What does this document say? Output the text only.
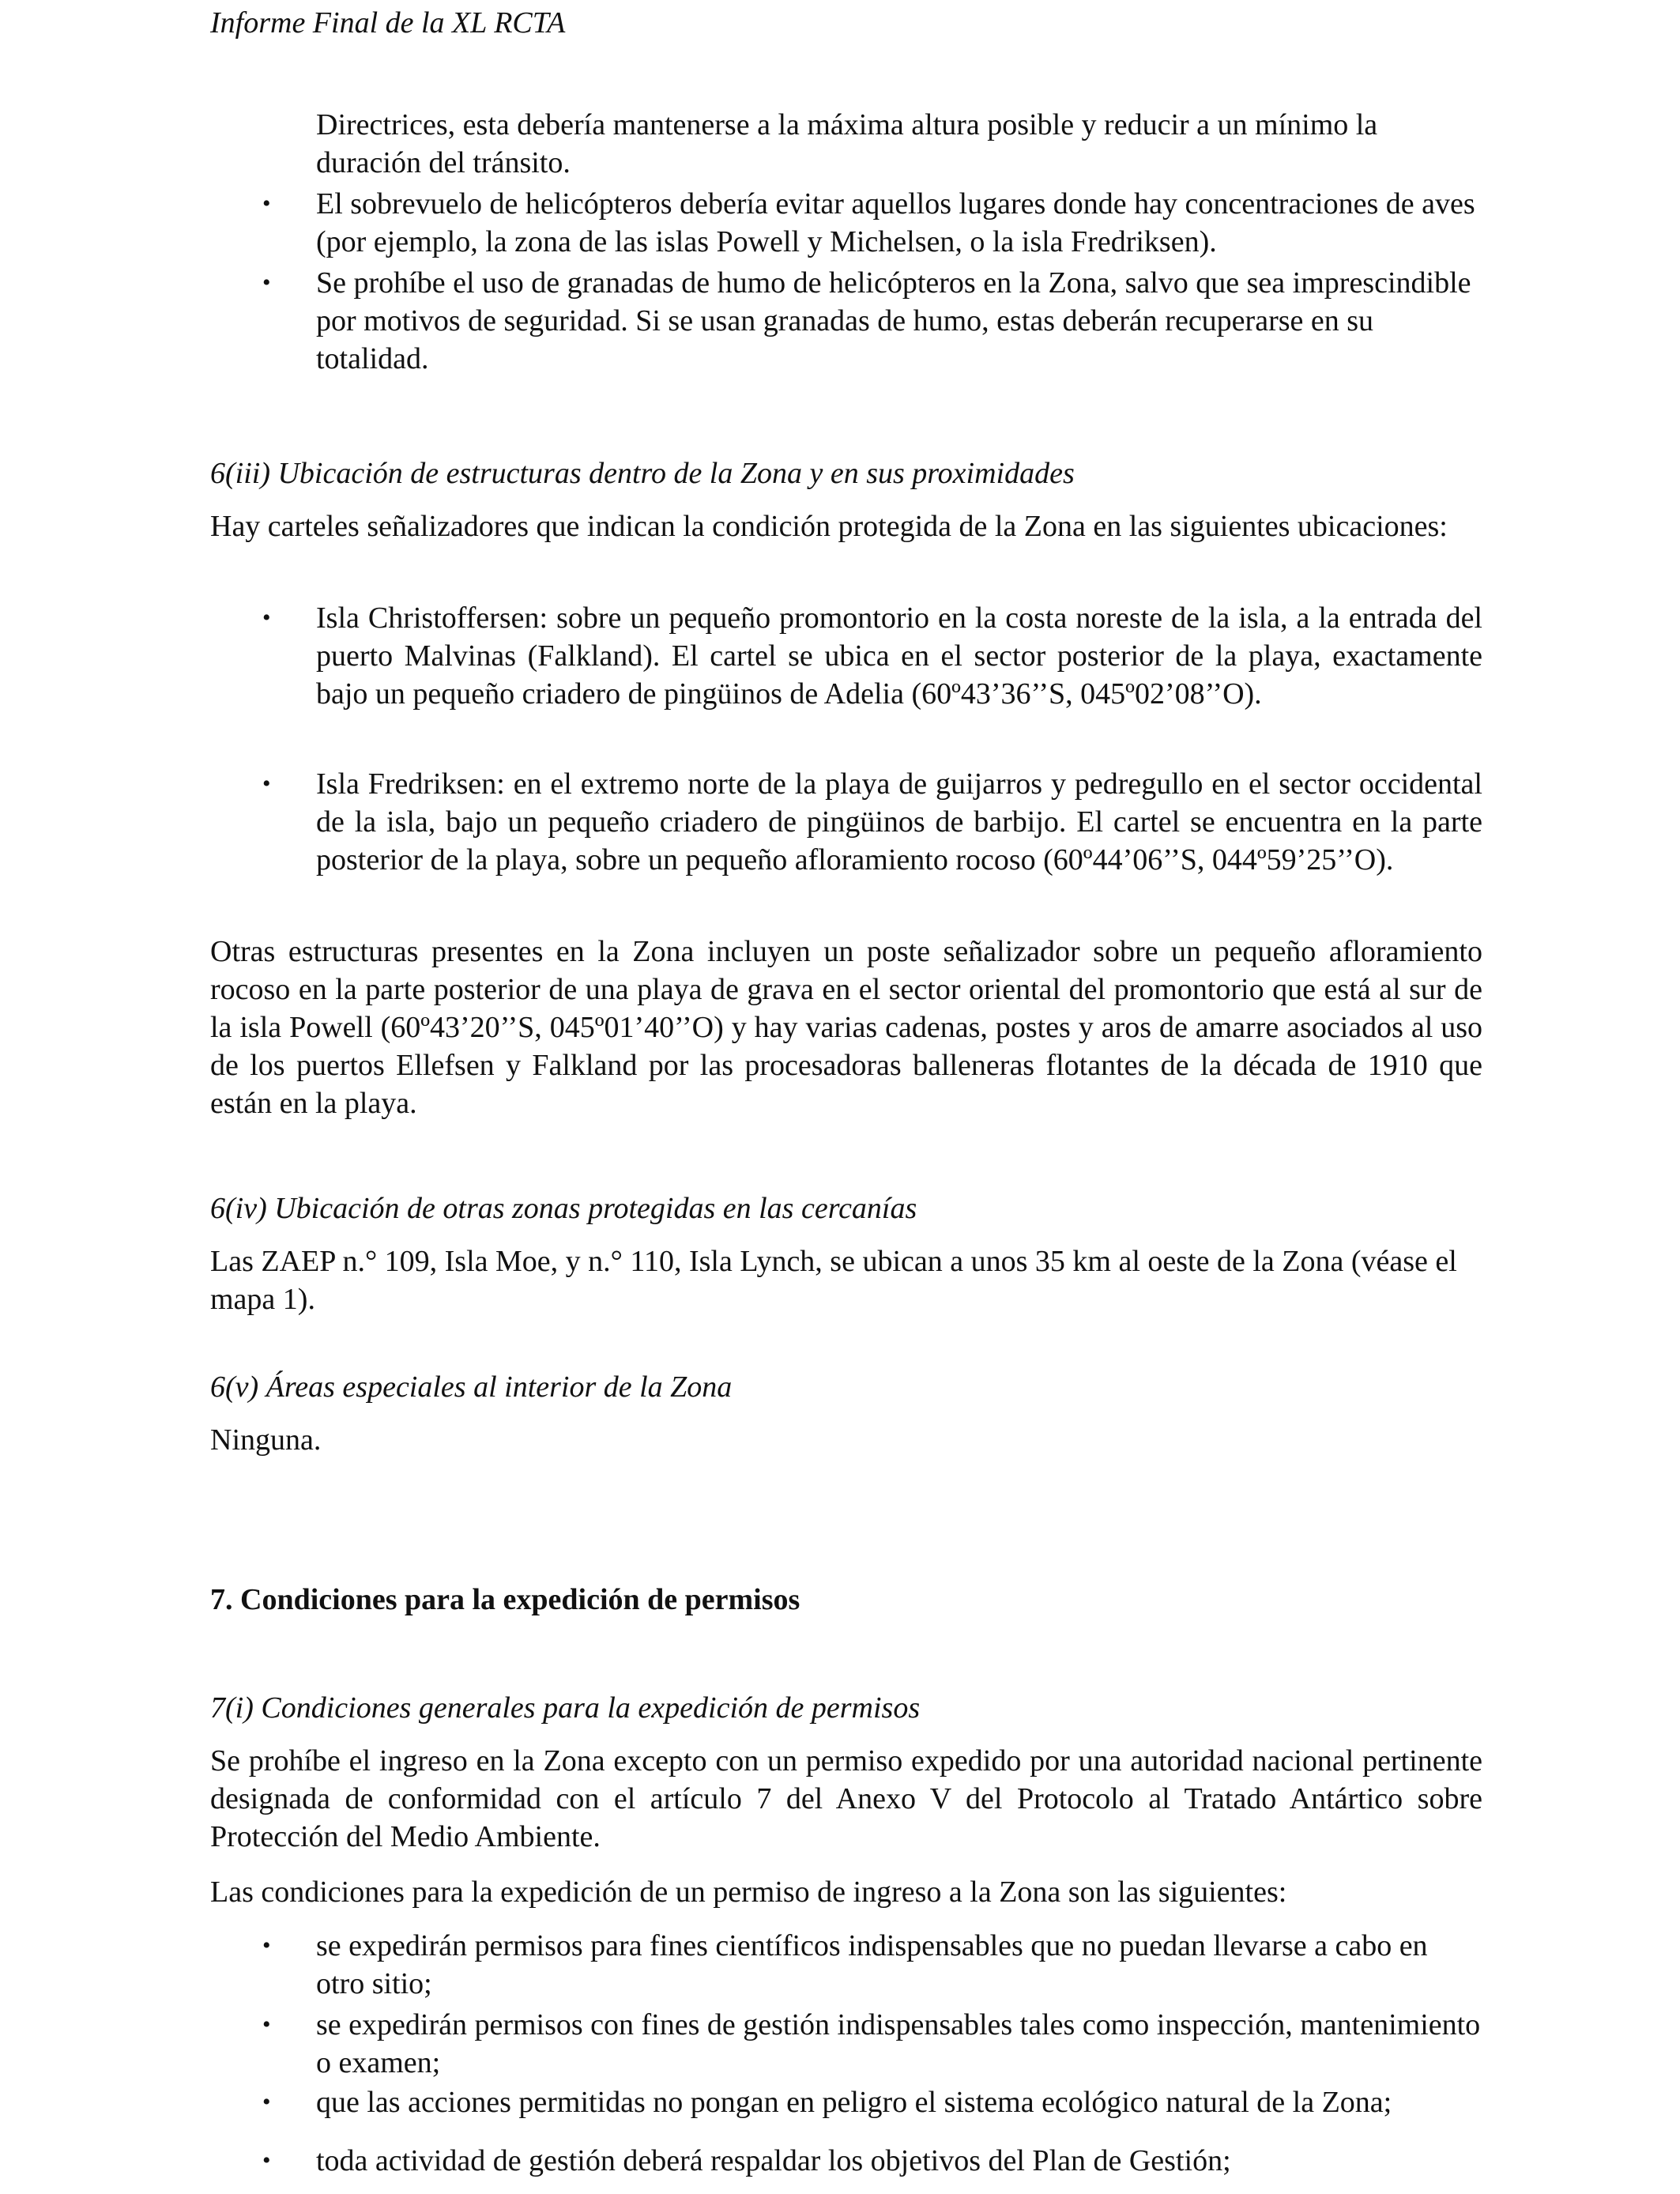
Informe Final de la XL RCTA
Directrices, esta debería mantenerse a la máxima altura posible y reducir a un mínimo la duración del tránsito.
• El sobrevuelo de helicópteros debería evitar aquellos lugares donde hay concentraciones de aves (por ejemplo, la zona de las islas Powell y Michelsen, o la isla Fredriksen).
• Se prohíbe el uso de granadas de humo de helicópteros en la Zona, salvo que sea imprescindible por motivos de seguridad. Si se usan granadas de humo, estas deberán recuperarse en su totalidad.
6(iii) Ubicación de estructuras dentro de la Zona y en sus proximidades
Hay carteles señalizadores que indican la condición protegida de la Zona en las siguientes ubicaciones:
• Isla Christoffersen: sobre un pequeño promontorio en la costa noreste de la isla, a la entrada del puerto Malvinas (Falkland). El cartel se ubica en el sector posterior de la playa, exactamente bajo un pequeño criadero de pingüinos de Adelia (60º43’36’’S, 045º02’08’’O).
• Isla Fredriksen: en el extremo norte de la playa de guijarros y pedregullo en el sector occidental de la isla, bajo un pequeño criadero de pingüinos de barbijo. El cartel se encuentra en la parte posterior de la playa, sobre un pequeño afloramiento rocoso (60º44’06’’S, 044º59’25’’O).
Otras estructuras presentes en la Zona incluyen un poste señalizador sobre un pequeño afloramiento rocoso en la parte posterior de una playa de grava en el sector oriental del promontorio que está al sur de la isla Powell (60º43’20’’S, 045º01’40’’O) y hay varias cadenas, postes y aros de amarre asociados al uso de los puertos Ellefsen y Falkland por las procesadoras balleneras flotantes de la década de 1910 que están en la playa.
6(iv) Ubicación de otras zonas protegidas en las cercanías
Las ZAEP n.° 109, Isla Moe, y n.° 110, Isla Lynch, se ubican a unos 35 km al oeste de la Zona (véase el mapa 1).
6(v) Áreas especiales al interior de la Zona
Ninguna.
7. Condiciones para la expedición de permisos
7(i) Condiciones generales para la expedición de permisos
Se prohíbe el ingreso en la Zona excepto con un permiso expedido por una autoridad nacional pertinente designada de conformidad con el artículo 7 del Anexo V del Protocolo al Tratado Antártico sobre Protección del Medio Ambiente.
Las condiciones para la expedición de un permiso de ingreso a la Zona son las siguientes:
• se expedirán permisos para fines científicos indispensables que no puedan llevarse a cabo en otro sitio;
• se expedirán permisos con fines de gestión indispensables tales como inspección, mantenimiento o examen;
• que las acciones permitidas no pongan en peligro el sistema ecológico natural de la Zona;
• toda actividad de gestión deberá respaldar los objetivos del Plan de Gestión;
